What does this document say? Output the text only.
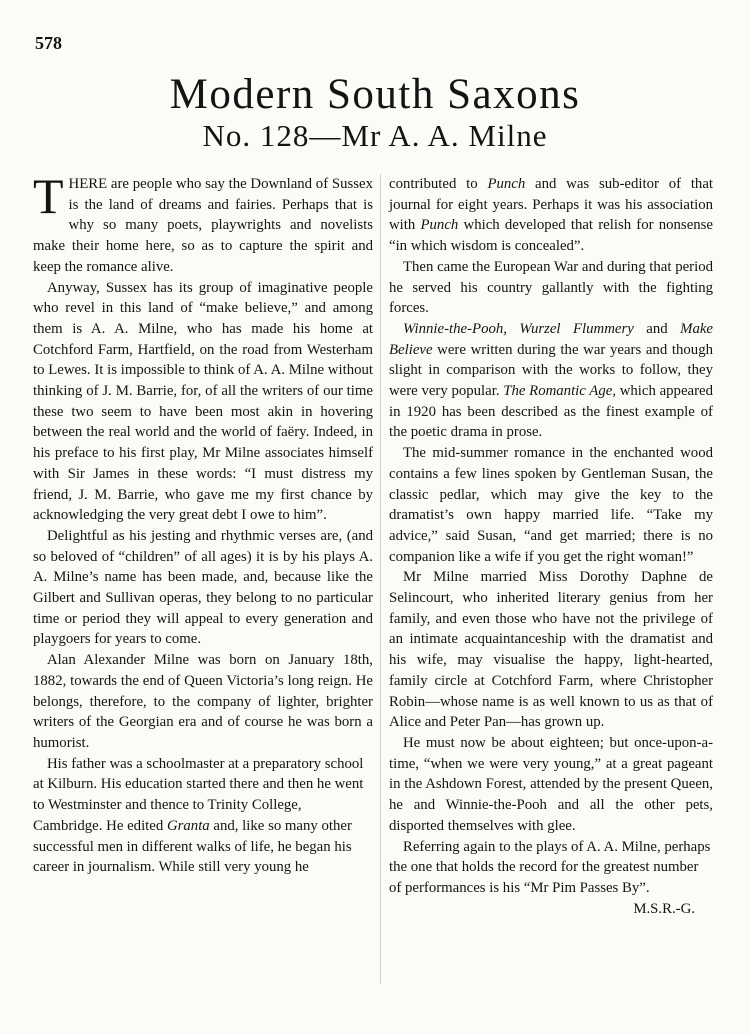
578
Modern South Saxons
No. 128—Mr A. A. Milne

THERE are people who say the Downland of Sussex is the land of dreams and fairies. Perhaps that is why so many poets, playwrights and novelists make their home here, so as to capture the spirit and keep the romance alive.

Anyway, Sussex has its group of imaginative people who revel in this land of “make believe,” and among them is A. A. Milne, who has made his home at Cotchford Farm, Hartfield, on the road from Westerham to Lewes. It is impossible to think of A. A. Milne without thinking of J. M. Barrie, for, of all the writers of our time these two seem to have been most akin in hovering between the real world and the world of faëry. Indeed, in his preface to his first play, Mr Milne associates himself with Sir James in these words: “I must distress my friend, J. M. Barrie, who gave me my first chance by acknowledging the very great debt I owe to him”.

Delightful as his jesting and rhythmic verses are, (and so beloved of “children” of all ages) it is by his plays A. A. Milne’s name has been made, and, because like the Gilbert and Sullivan operas, they belong to no particular time or period they will appeal to every generation and playgoers for years to come.

Alan Alexander Milne was born on January 18th, 1882, towards the end of Queen Victoria’s long reign. He belongs, therefore, to the company of lighter, brighter writers of the Georgian era and of course he was born a humorist.

His father was a schoolmaster at a preparatory school at Kilburn. His education started there and then he went to Westminster and thence to Trinity College, Cambridge. He edited Granta and, like so many other successful men in different walks of life, he began his career in journalism. While still very young he

contributed to Punch and was sub-editor of that journal for eight years. Perhaps it was his association with Punch which developed that relish for nonsense “in which wisdom is concealed”.

Then came the European War and during that period he served his country gallantly with the fighting forces.

Winnie-the-Pooh, Wurzel Flummery and Make Believe were written during the war years and though slight in comparison with the works to follow, they were very popular. The Romantic Age, which appeared in 1920 has been described as the finest example of the poetic drama in prose.

The mid-summer romance in the enchanted wood contains a few lines spoken by Gentleman Susan, the classic pedlar, which may give the key to the dramatist’s own happy married life. “Take my advice,” said Susan, “and get married; there is no companion like a wife if you get the right woman!”

Mr Milne married Miss Dorothy Daphne de Selincourt, who inherited literary genius from her family, and even those who have not the privilege of an intimate acquaintanceship with the dramatist and his wife, may visualise the happy, light-hearted, family circle at Cotchford Farm, where Christopher Robin—whose name is as well known to us as that of Alice and Peter Pan—has grown up.

He must now be about eighteen; but once-upon-a-time, “when we were very young,” at a great pageant in the Ashdown Forest, attended by the present Queen, he and Winnie-the-Pooh and all the other pets, disported themselves with glee.

Referring again to the plays of A. A. Milne, perhaps the one that holds the record for the greatest number of performances is his “Mr Pim Passes By”.
M.S.R.-G.
